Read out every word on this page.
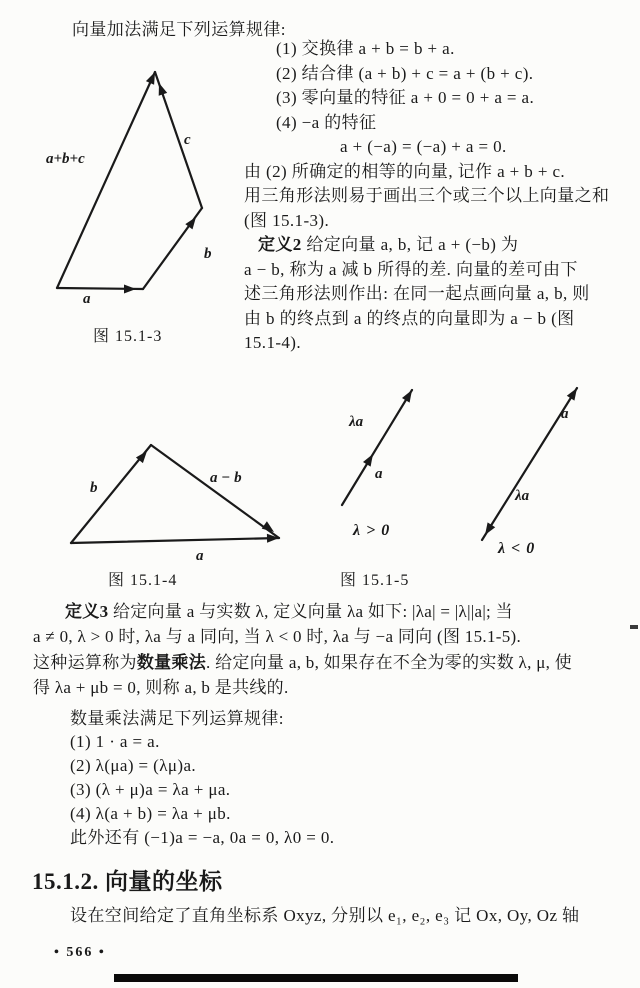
向量加法满足下列运算规律:
(1) 交换律 a + b = b + a.
(2) 结合律 (a + b) + c = a + (b + c).
(3) 零向量的特征 a + 0 = 0 + a = a.
(4) −a 的特征
a + (−a) = (−a) + a = 0.
由 (2) 所确定的相等的向量, 记作 a + b + c.
用三角形法则易于画出三个或三个以上向量之和
(图 15.1-3).
定义2 给定向量 a, b, 记 a + (−b) 为
a − b, 称为 a 减 b 所得的差. 向量的差可由下
述三角形法则作出: 在同一起点画向量 a, b, 则
由 b 的终点到 a 的终点的向量即为 a − b (图
15.1-4).
a+b+c
c
b
a
图 15.1-3
b
a − b
a
图 15.1-4
λa
a
λ > 0
a
λa
λ < 0
图 15.1-5
定义3 给定向量 a 与实数 λ, 定义向量 λa 如下: |λa| = |λ||a|; 当
a ≠ 0, λ > 0 时, λa 与 a 同向, 当 λ < 0 时, λa 与 −a 同向 (图 15.1-5).
这种运算称为数量乘法. 给定向量 a, b, 如果存在不全为零的实数 λ, μ, 使
得 λa + μb = 0, 则称 a, b 是共线的.
数量乘法满足下列运算规律:
(1) 1 · a = a.
(2) λ(μa) = (λμ)a.
(3) (λ + μ)a = λa + μa.
(4) λ(a + b) = λa + μb.
此外还有 (−1)a = −a, 0a = 0, λ0 = 0.
15.1.2. 向量的坐标
设在空间给定了直角坐标系 Oxyz, 分别以 e₁, e₂, e₃ 记 Ox, Oy, Oz 轴
• 566 •
